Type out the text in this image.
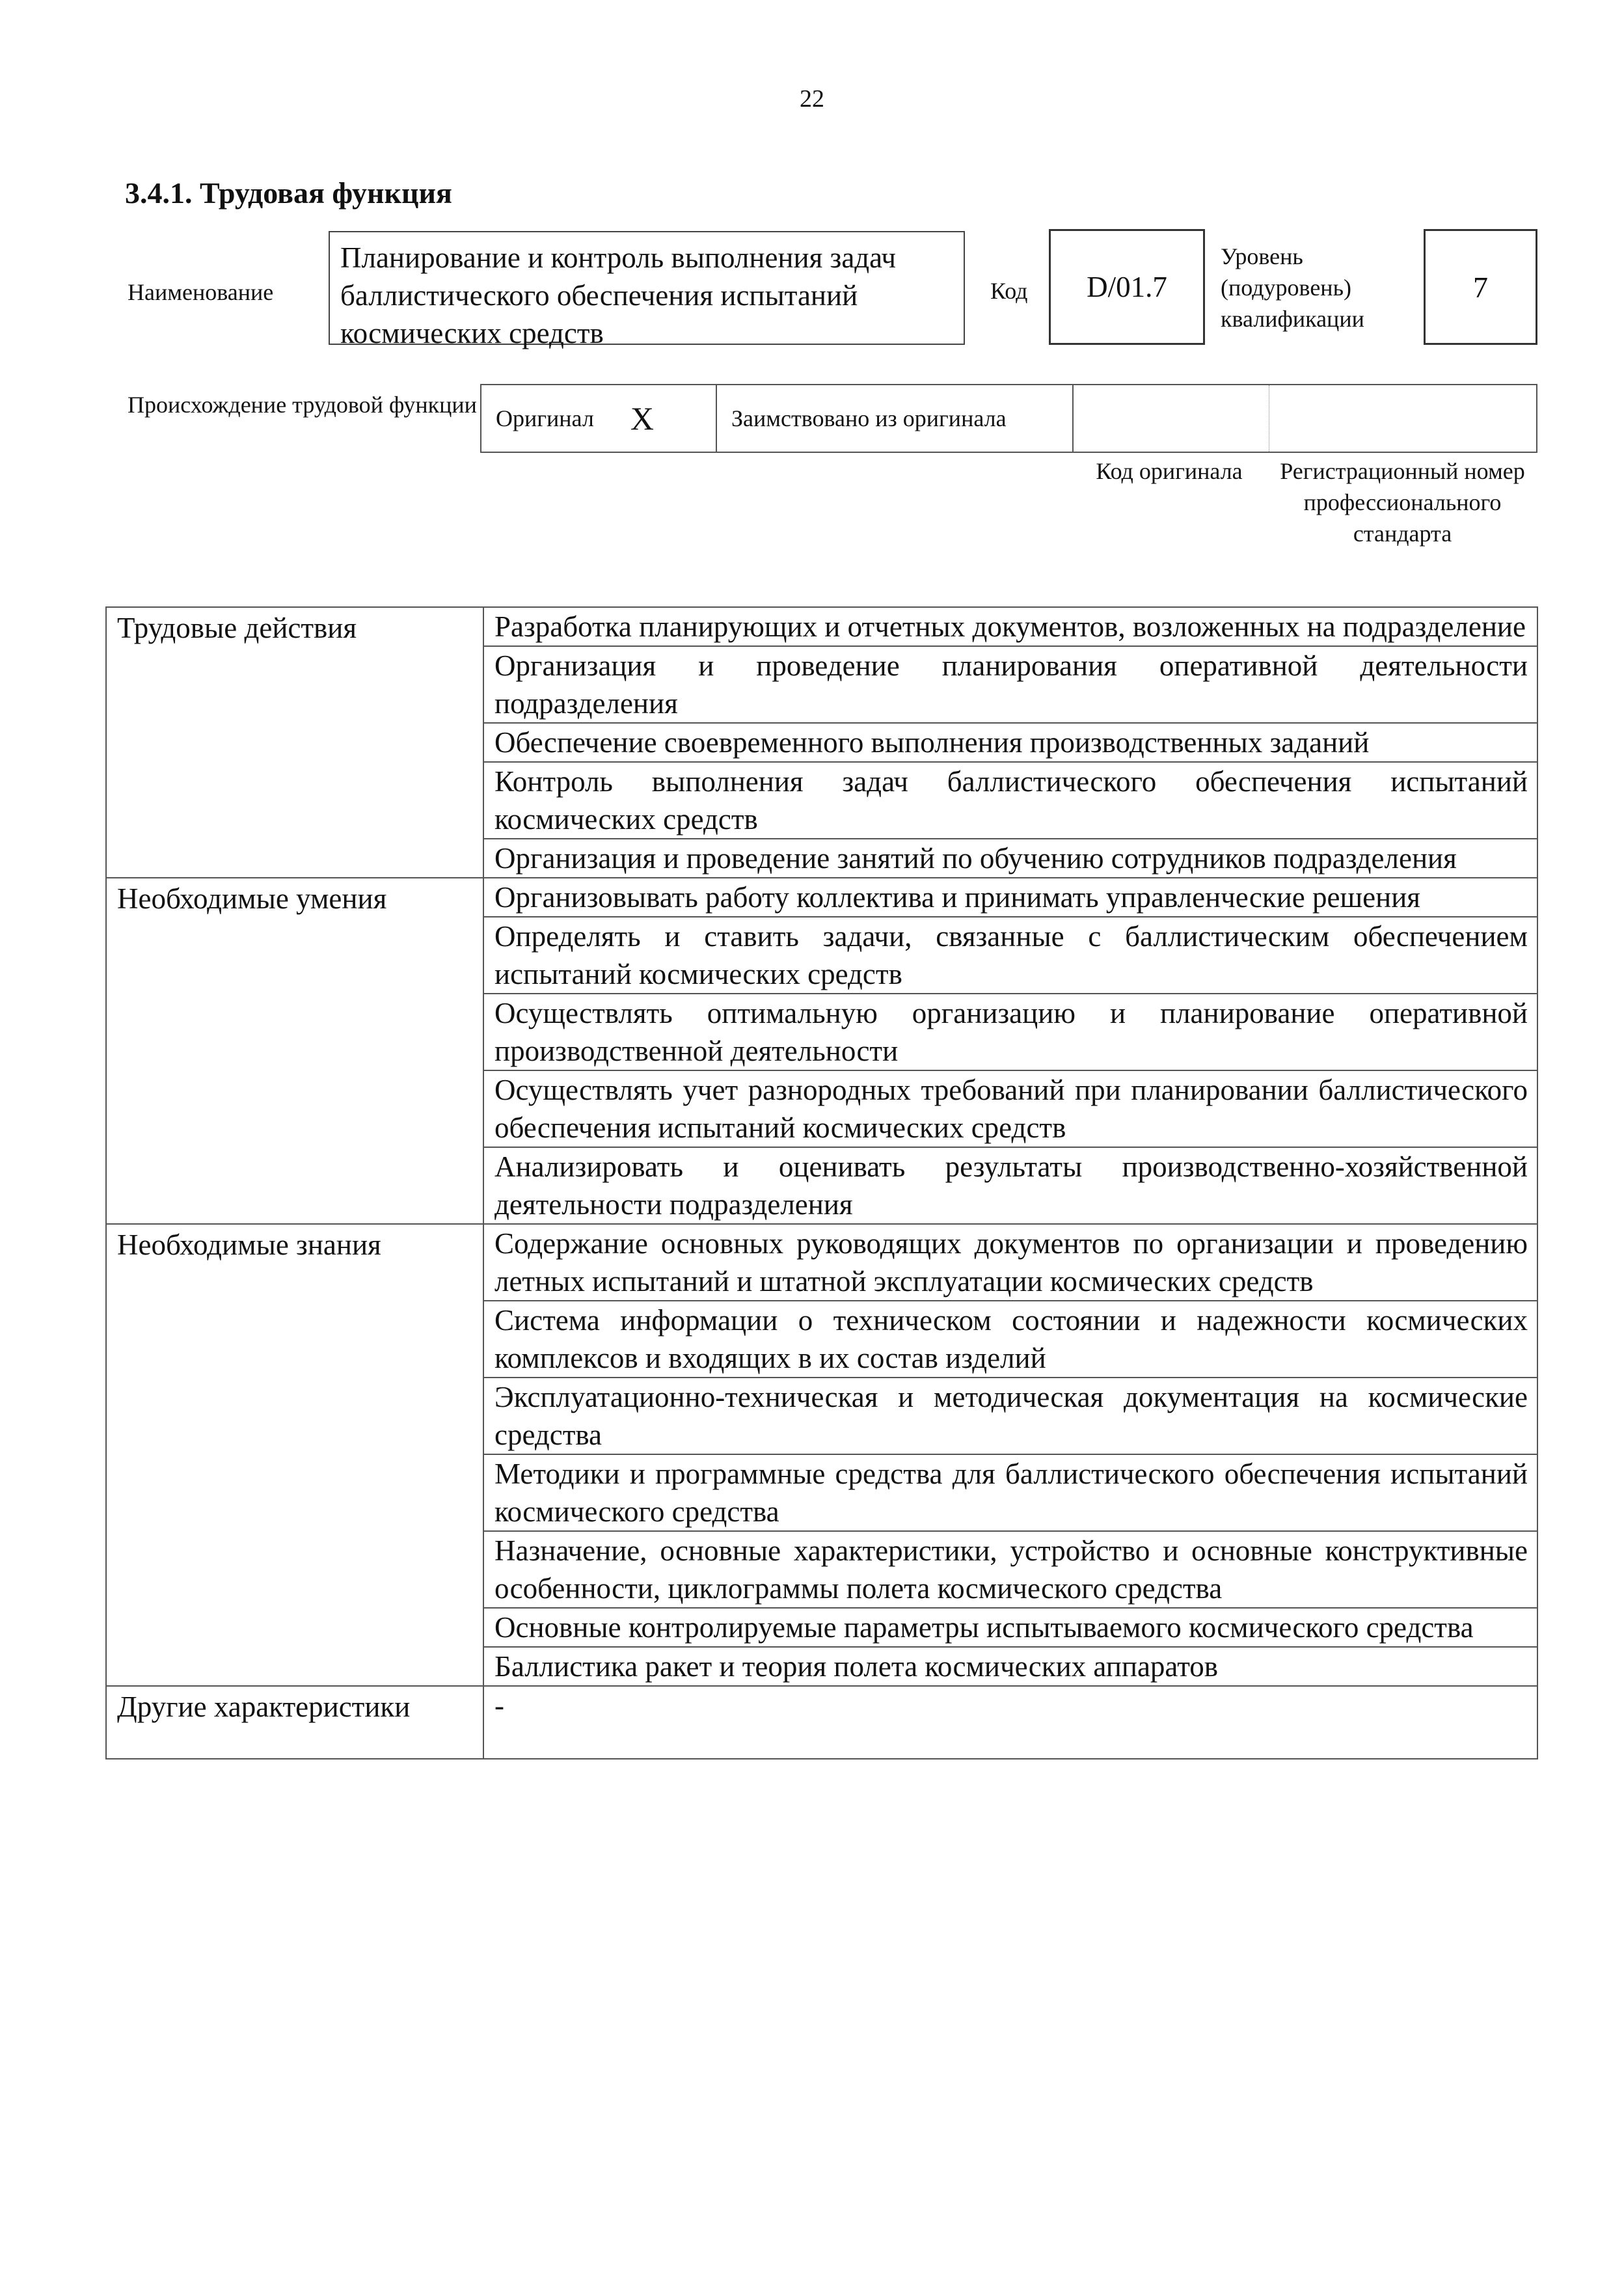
22
3.4.1. Трудовая функция
Наименование
Планирование и контроль выполнения задач баллистического обеспечения испытаний космических средств
Код D/01.7
Уровень (подуровень) квалификации
7
Происхождение трудовой функции
Оригинал X	Заимствовано из оригинала
Код оригинала	Регистрационный номер профессионального стандарта
Трудовые действия	Разработка планирующих и отчетных документов, возложенных на подразделение
	Организация и проведение планирования оперативной деятельности подразделения
	Обеспечение своевременного выполнения производственных заданий
	Контроль выполнения задач баллистического обеспечения испытаний космических средств
	Организация и проведение занятий по обучению сотрудников подразделения
Необходимые умения	Организовывать работу коллектива и принимать управленческие решения
	Определять и ставить задачи, связанные с баллистическим обеспечением испытаний космических средств
	Осуществлять оптимальную организацию и планирование оперативной производственной деятельности
	Осуществлять учет разнородных требований при планировании баллистического обеспечения испытаний космических средств
	Анализировать и оценивать результаты производственно-хозяйственной деятельности подразделения
Необходимые знания	Содержание основных руководящих документов по организации и проведению летных испытаний и штатной эксплуатации космических средств
	Система информации о техническом состоянии и надежности космических комплексов и входящих в их состав изделий
	Эксплуатационно-техническая и методическая документация на космические средства
	Методики и программные средства для баллистического обеспечения испытаний космического средства
	Назначение, основные характеристики, устройство и основные конструктивные особенности, циклограммы полета космического средства
	Основные контролируемые параметры испытываемого космического средства
	Баллистика ракет и теория полета космических аппаратов
Другие характеристики	-
